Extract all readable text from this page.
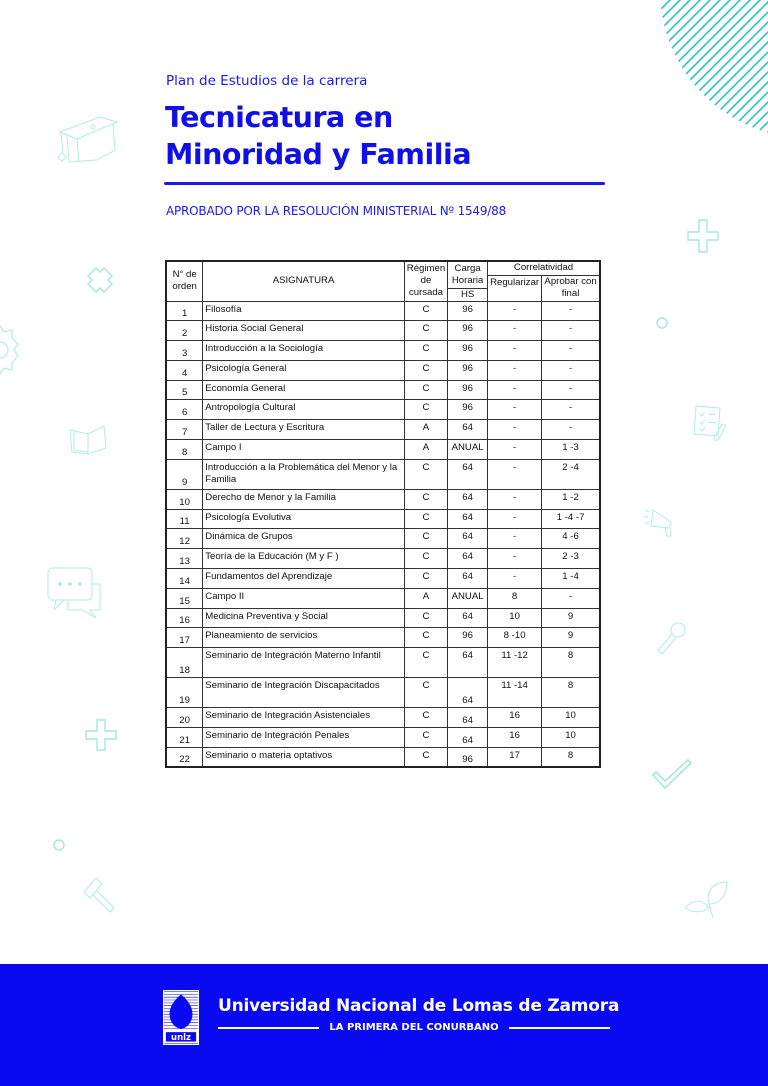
Plan de Estudios de la carrera
Tecnicatura en
Minoridad y Familia
APROBADO POR LA RESOLUCIÓN MINISTERIAL Nº 1549/88
N° de orden	ASIGNATURA	Régimen de cursada	Carga Horaria	Correlatividad	
				Regularizar	Aprobar con final
			HS		
1	Filosofía	C	96	-	-
2	Historia Social General	C	96	-	-
3	Introducción a la Sociología	C	96	-	-
4	Psicología General	C	96	-	-
5	Economía General	C	96	-	-
6	Antropología Cultural	C	96	-	-
7	Taller de Lectura y Escritura	A	64	-	-
8	Campo I	A	ANUAL	-	1 -3
9	Introducción a la Problemática del Menor y la Familia	C	64	-	2 -4
10	Derecho de Menor y la Familia	C	64	-	1 -2
11	Psicología Evolutiva	C	64	-	1 -4 -7
12	Dinámica de Grupos	C	64	-	4 -6
13	Teoría de la Educación (M y F )	C	64	-	2 -3
14	Fundamentos del Aprendizaje	C	64	-	1 -4
15	Campo II	A	ANUAL	8	-
16	Medicina Preventiva y Social	C	64	10	9
17	Planeamiento de servicios	C	96	8 -10	9
18	Seminario de Integración Materno Infantil	C	64	11 -12	8
19	Seminario de Integración Discapacitados	C	64	11 -14	8
20	Seminario de Integración Asistenciales	C	64	16	10
21	Seminario de Integración Penales	C	64	16	10
22	Seminario o materia optativos	C	96	17	8
unlz
Universidad Nacional de Lomas de Zamora
LA PRIMERA DEL CONURBANO
